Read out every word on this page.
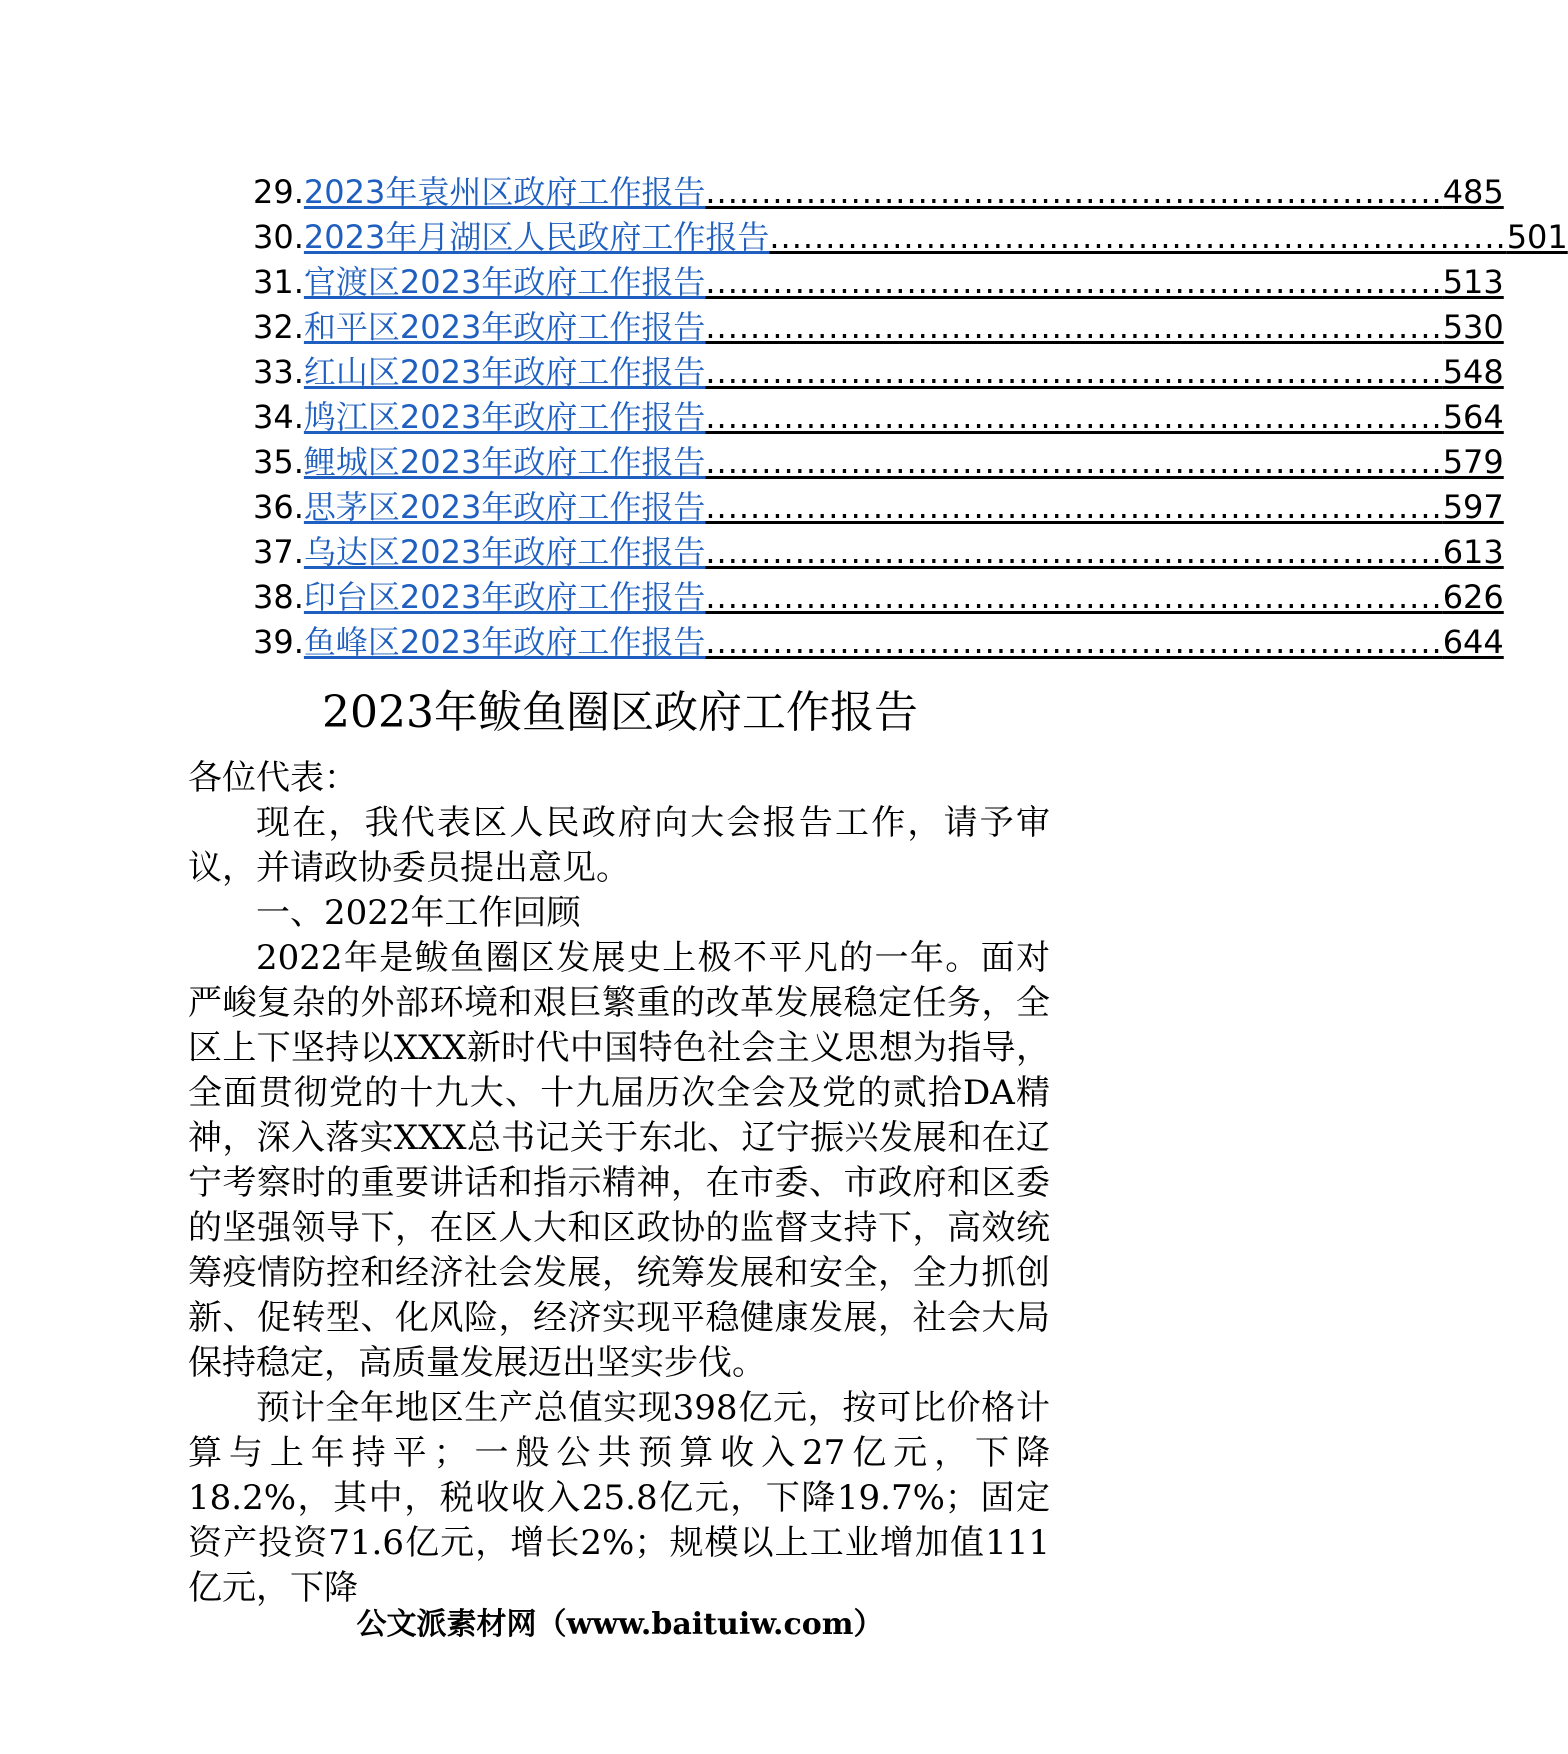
29. 2023年袁州区政府工作报告 .................................................................. 485
30. 2023年月湖区人民政府工作报告 .................................................................. 501
31. 官渡区2023年政府工作报告 .................................................................. 513
32. 和平区2023年政府工作报告 .................................................................. 530
33. 红山区2023年政府工作报告 .................................................................. 548
34. 鸠江区2023年政府工作报告 .................................................................. 564
35. 鲤城区2023年政府工作报告 .................................................................. 579
36. 思茅区2023年政府工作报告 .................................................................. 597
37. 乌达区2023年政府工作报告 .................................................................. 613
38. 印台区2023年政府工作报告 .................................................................. 626
39. 鱼峰区2023年政府工作报告 .................................................................. 644
2023年鲅鱼圈区政府工作报告

各位代表：

现在，我代表区人民政府向大会报告工作，请予审议，并请政协委员提出意见。

一、2022年工作回顾

2022年是鲅鱼圈区发展史上极不平凡的一年。面对严峻复杂的外部环境和艰巨繁重的改革发展稳定任务，全区上下坚持以XXX新时代中国特色社会主义思想为指导，全面贯彻党的十九大、十九届历次全会及党的贰拾DA精神，深入落实XXX总书记关于东北、辽宁振兴发展和在辽宁考察时的重要讲话和指示精神，在市委、市政府和区委的坚强领导下，在区人大和区政协的监督支持下，高效统筹疫情防控和经济社会发展，统筹发展和安全，全力抓创新、促转型、化风险，经济实现平稳健康发展，社会大局保持稳定，高质量发展迈出坚实步伐。

预计全年地区生产总值实现398亿元，按可比价格计算与上年持平；一般公共预算收入27亿元，下降18.2%，其中，税收收入25.8亿元，下降19.7%；固定资产投资71.6亿元，增长2%；规模以上工业增加值111亿元，下降

公文派素材网（www.baituiw.com）
